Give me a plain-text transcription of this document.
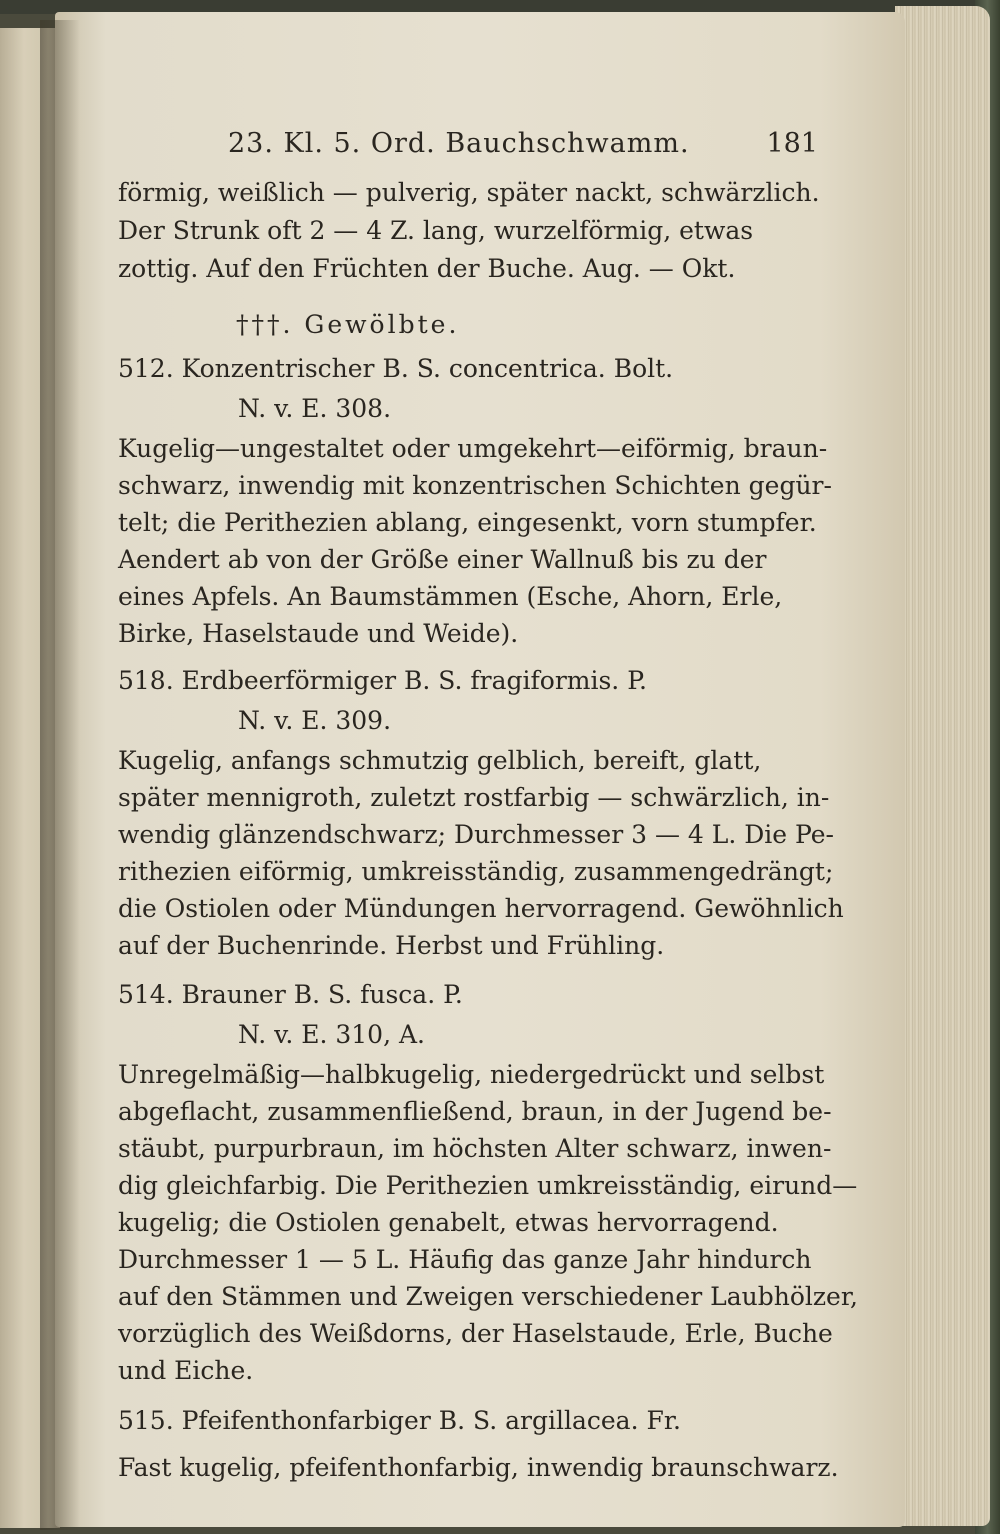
23. Kl. 5. Ord. Bauchschwamm.	181
förmig, weißlich — pulverig, später nackt, schwärzlich.
Der Strunk oft 2 — 4 Z. lang, wurzelförmig, etwas
zottig. Auf den Früchten der Buche. Aug. — Okt.
†††. Gewölbte.
512. Konzentrischer B. S. concentrica. Bolt.
N. v. E. 308.
Kugelig—ungestaltet oder umgekehrt—eiförmig, braun-
schwarz, inwendig mit konzentrischen Schichten gegür-
telt; die Perithezien ablang, eingesenkt, vorn stumpfer.
Aendert ab von der Größe einer Wallnuß bis zu der
eines Apfels. An Baumstämmen (Esche, Ahorn, Erle,
Birke, Haselstaude und Weide).
518. Erdbeerförmiger B. S. fragiformis. P.
N. v. E. 309.
Kugelig, anfangs schmutzig gelblich, bereift, glatt,
später mennigroth, zuletzt rostfarbig — schwärzlich, in-
wendig glänzendschwarz; Durchmesser 3 — 4 L. Die Pe-
rithezien eiförmig, umkreisständig, zusammengedrängt;
die Ostiolen oder Mündungen hervorragend. Gewöhnlich
auf der Buchenrinde. Herbst und Frühling.
514. Brauner B. S. fusca. P.
N. v. E. 310, A.
Unregelmäßig—halbkugelig, niedergedrückt und selbst
abgeflacht, zusammenfließend, braun, in der Jugend be-
stäubt, purpurbraun, im höchsten Alter schwarz, inwen-
dig gleichfarbig. Die Perithezien umkreisständig, eirund—
kugelig; die Ostiolen genabelt, etwas hervorragend.
Durchmesser 1 — 5 L. Häufig das ganze Jahr hindurch
auf den Stämmen und Zweigen verschiedener Laubhölzer,
vorzüglich des Weißdorns, der Haselstaude, Erle, Buche
und Eiche.
515. Pfeifenthonfarbiger B. S. argillacea. Fr.
Fast kugelig, pfeifenthonfarbig, inwendig braunschwarz.
